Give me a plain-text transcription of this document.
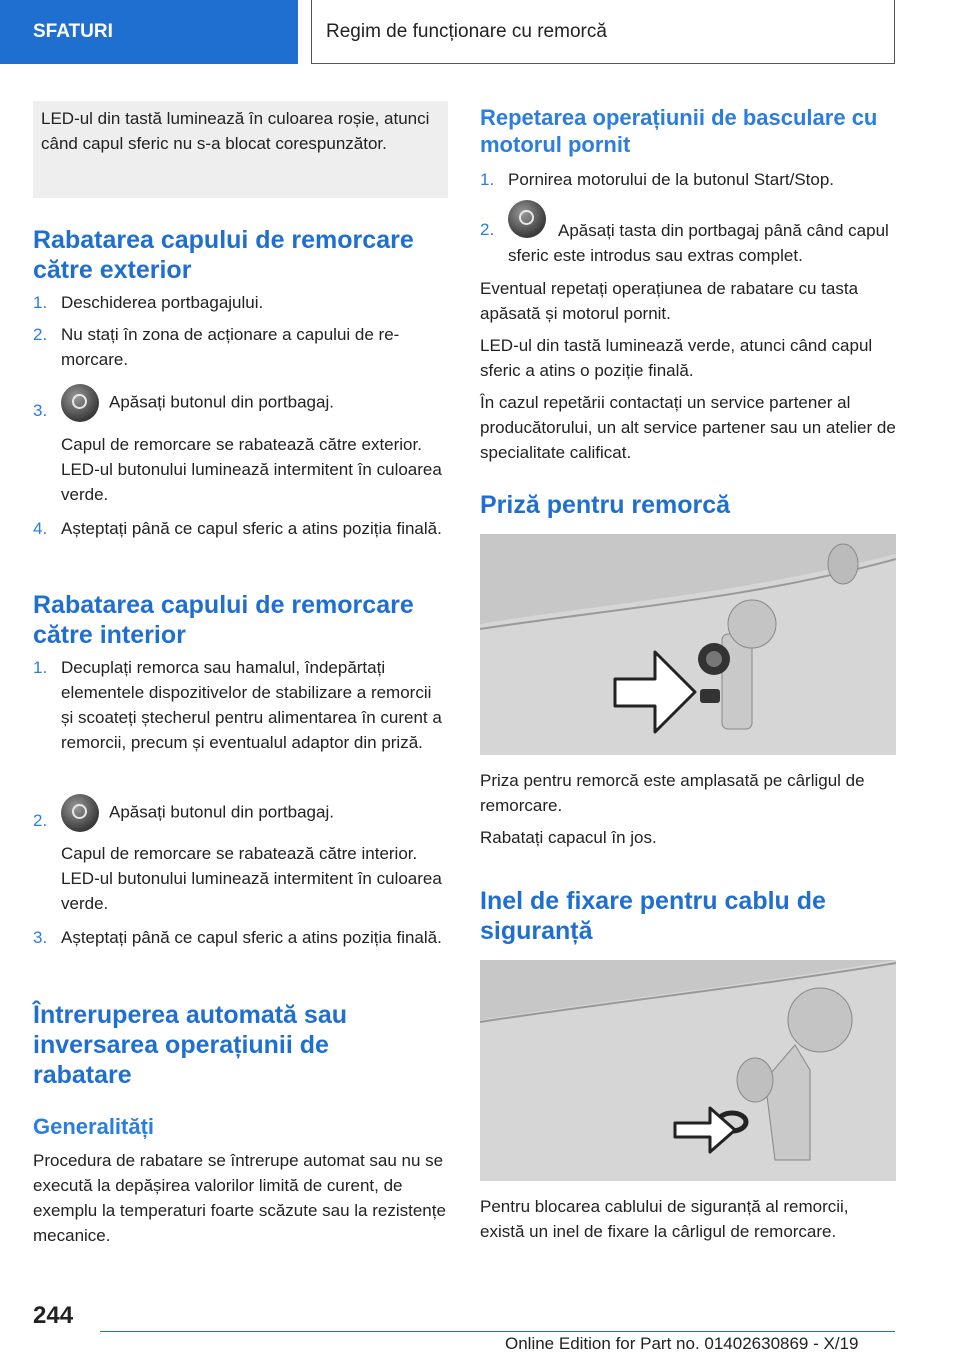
SFATURI	Regim de funcționare cu remorcă
LED-ul din tastă luminează în culoarea roșie, atunci când capul sferic nu s-a blocat corespunzător.
Rabatarea capului de remorcare către exterior
1. Deschiderea portbagajului.
2. Nu stați în zona de acționare a capului de remorcare.
3.	Apăsați butonul din portbagaj.
Capul de remorcare se rabatează către exterior. LED-ul butonului luminează intermitent în culoarea verde.
4. Așteptați până ce capul sferic a atins poziția finală.
Rabatarea capului de remorcare către interior
1. Decuplați remorca sau hamalul, îndepărtați elementele dispozitivelor de stabilizare a remorcii și scoateți ștecherul pentru alimentarea în curent a remorcii, precum și eventualul adaptor din priză.
2.	Apăsați butonul din portbagaj.
Capul de remorcare se rabatează către interior. LED-ul butonului luminează intermitent în culoarea verde.
3. Așteptați până ce capul sferic a atins poziția finală.
Întreruperea automată sau inversarea operațiunii de rabatare
Generalități

Procedura de rabatare se întrerupe automat sau nu se execută la depășirea valorilor limită de curent, de exemplu la temperaturi foarte scăzute sau la rezistențe mecanice.

Repetarea operațiunii de basculare cu motorul pornit
1. Pornirea motorului de la butonul Start/Stop.
2.	Apăsați tasta din portbagaj până când capul sferic este introdus sau extras complet.

Eventual repetați operațiunea de rabatare cu tasta apăsată și motorul pornit.

LED-ul din tastă luminează verde, atunci când capul sferic a atins o poziție finală.

În cazul repetării contactați un service partener al producătorului, un alt service partener sau un atelier de specialitate calificat.

Priză pentru remorcă

Priza pentru remorcă este amplasată pe cârligul de remorcare.

Rabatați capacul în jos.

Inel de fixare pentru cablu de siguranță

Pentru blocarea cablului de siguranță al remorcii, există un inel de fixare la cârligul de remorcare.

244
Online Edition for Part no. 01402630869 - X/19
